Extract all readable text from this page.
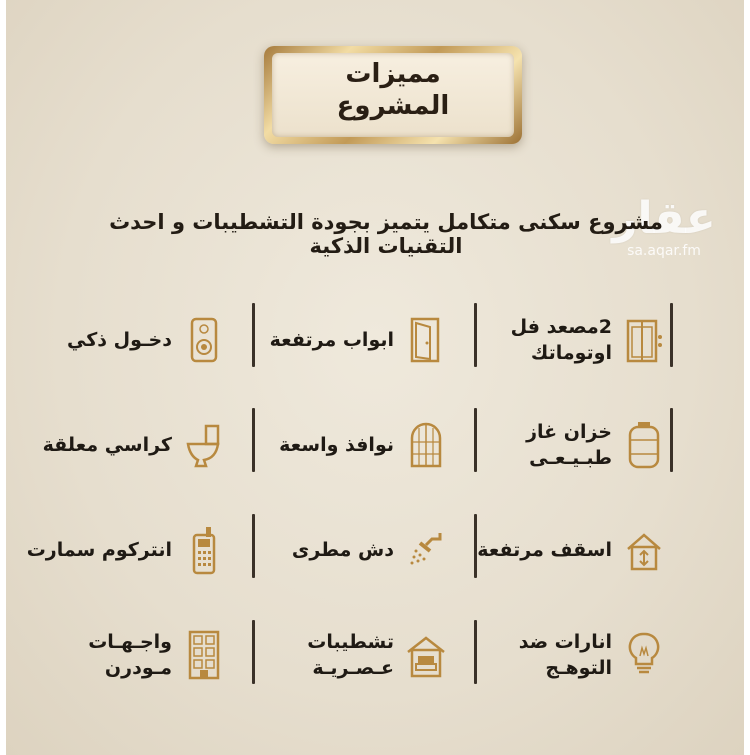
مميزات
المشروع
عقار
sa.aqar.fm
مشروع سكنى متكامل يتميز بجودة التشطيبات و احدث التقنيات الذكية
2مصعد فل
اوتوماتك
ابواب مرتفعة
دخـول ذكي
خزان غاز
طبـيـعـى
نوافذ واسعة
كراسي معلقة
اسقف مرتفعة
دش مطرى
انتركوم سمارت
انارات ضد
التوهـج
تشطيبات
عـصـريـة
واجـهـات
مـودرن
